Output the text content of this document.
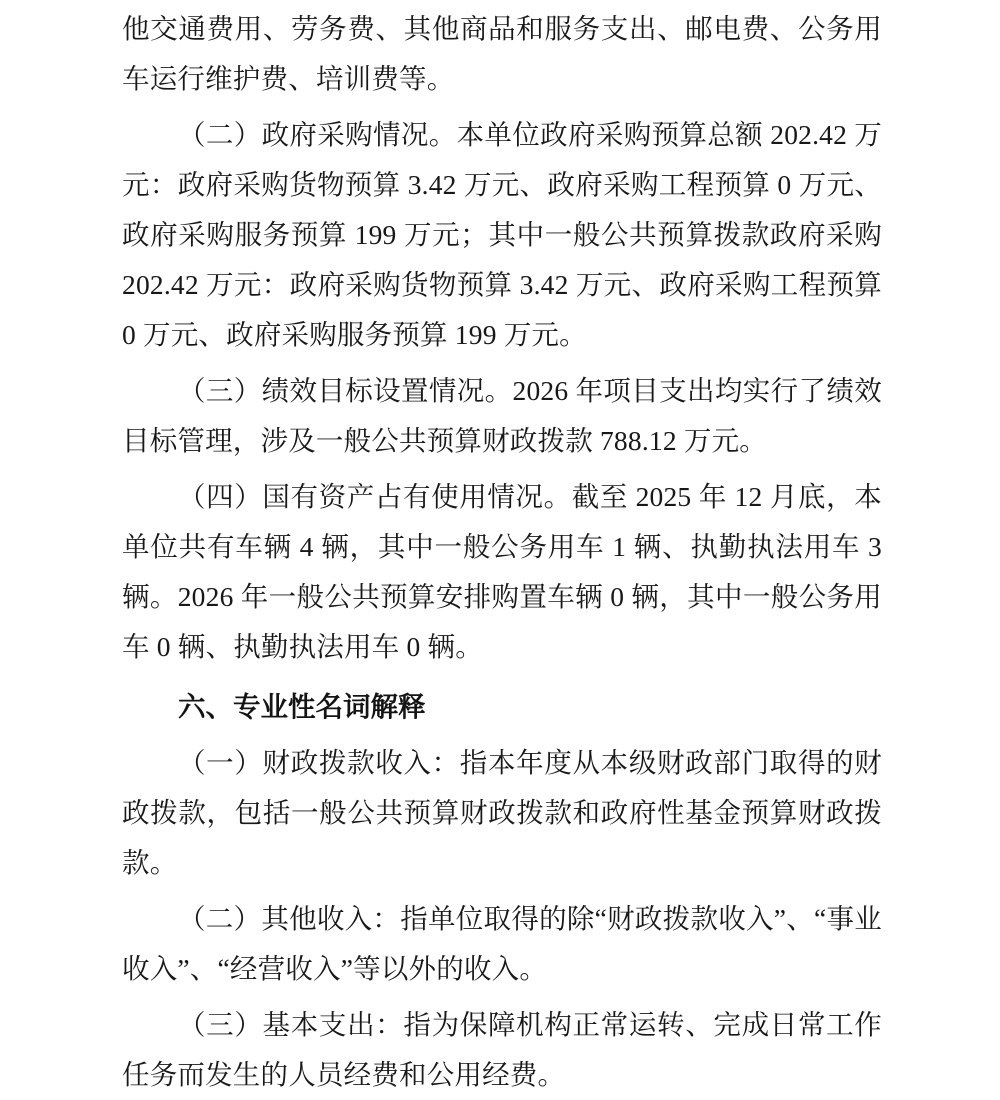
他交通费用、劳务费、其他商品和服务支出、邮电费、公务用车运行维护费、培训费等。

（二）政府采购情况。本单位政府采购预算总额 202.42 万元：政府采购货物预算 3.42 万元、政府采购工程预算 0 万元、政府采购服务预算 199 万元；其中一般公共预算拨款政府采购 202.42 万元：政府采购货物预算 3.42 万元、政府采购工程预算 0 万元、政府采购服务预算 199 万元。

（三）绩效目标设置情况。2026 年项目支出均实行了绩效目标管理，涉及一般公共预算财政拨款 788.12 万元。

（四）国有资产占有使用情况。截至 2025 年 12 月底，本单位共有车辆 4 辆，其中一般公务用车 1 辆、执勤执法用车 3 辆。2026 年一般公共预算安排购置车辆 0 辆，其中一般公务用车 0 辆、执勤执法用车 0 辆。

六、专业性名词解释

（一）财政拨款收入：指本年度从本级财政部门取得的财政拨款，包括一般公共预算财政拨款和政府性基金预算财政拨款。

（二）其他收入：指单位取得的除“财政拨款收入”、“事业收入”、“经营收入”等以外的收入。

（三）基本支出：指为保障机构正常运转、完成日常工作任务而发生的人员经费和公用经费。
